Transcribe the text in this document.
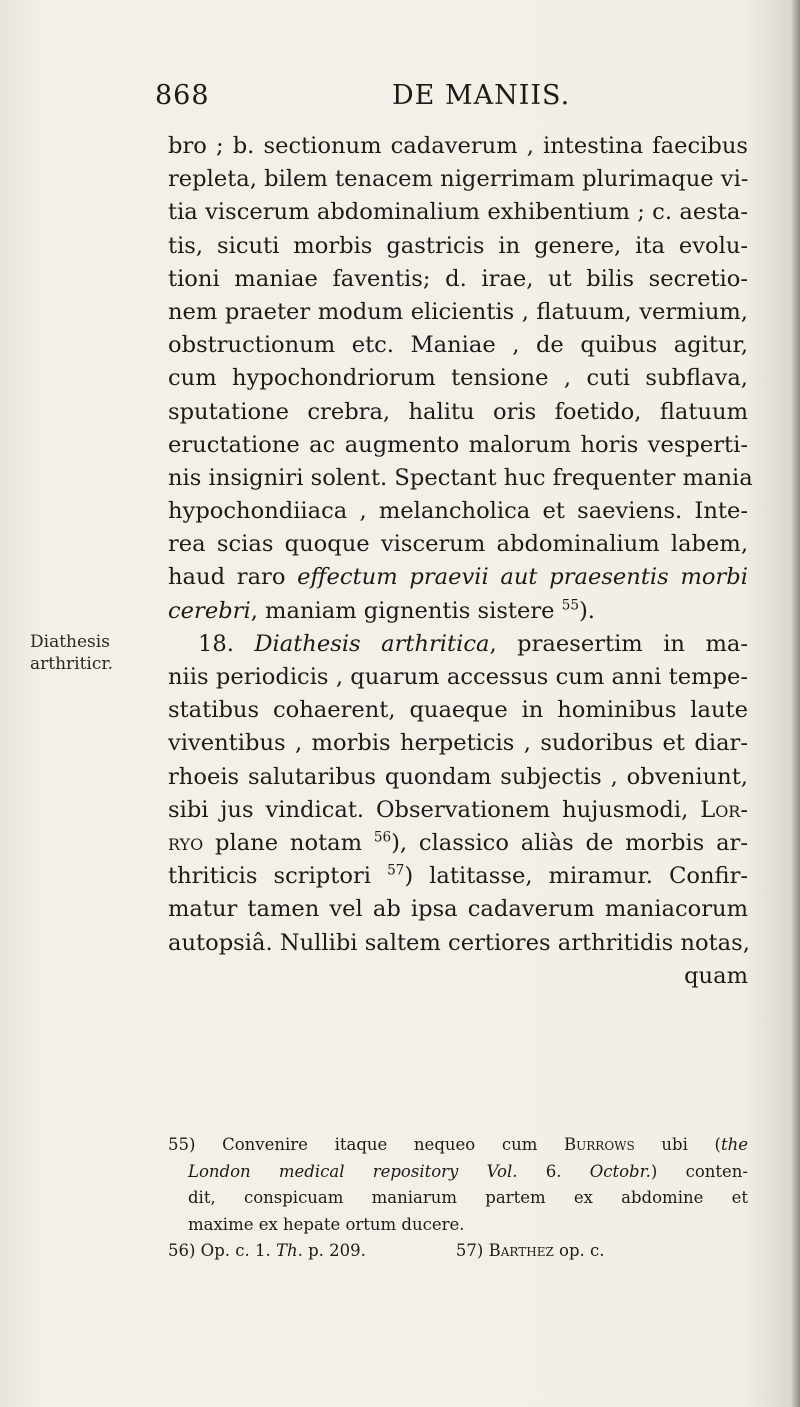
868	DE MANIIS.
Diathesis
arthriticr.
bro ; b. sectionum cadaverum , intestina faecibus
repleta, bilem tenacem nigerrimam plurimaque vi-
tia viscerum abdominalium exhibentium ; c. aesta-
tis, sicuti morbis gastricis in genere, ita evolu-
tioni maniae faventis; d. irae, ut bilis secretio-
nem praeter modum elicientis , flatuum, vermium,
obstructionum etc. Maniae , de quibus agitur,
cum hypochondriorum tensione , cuti subflava,
sputatione crebra, halitu oris foetido, flatuum
eructatione ac augmento malorum horis vesperti-
nis insigniri solent. Spectant huc frequenter mania
hypochondiiaca , melancholica et saeviens. Inte-
rea scias quoque viscerum abdominalium labem,
haud raro effectum praevii aut praesentis morbi
cerebri, maniam gignentis sistere $^{55}$).
18. Diathesis arthritica, praesertim in ma-
niis periodicis , quarum accessus cum anni tempe-
statibus cohaerent, quaeque in hominibus laute
viventibus , morbis herpeticis , sudoribus et diar-
rhoeis salutaribus quondam subjectis , obveniunt,
sibi jus vindicat. Observationem hujusmodi, Lor-
ryo plane notam $^{56}$), classico aliàs de morbis ar-
thriticis scriptori $^{57}$) latitasse, miramur. Confir-
matur tamen vel ab ipsa cadaverum maniacorum
autopsiâ. Nullibi saltem certiores arthritidis notas,
quam
55) Convenire itaque nequeo cum Burrows ubi (the
London medical repository Vol. 6. Octobr.) conten-
dit, conspicuam maniarum partem ex abdomine et
maxime ex hepate ortum ducere.
56) Op. c. 1. Th. p. 209.	57) Barthez op. c.
